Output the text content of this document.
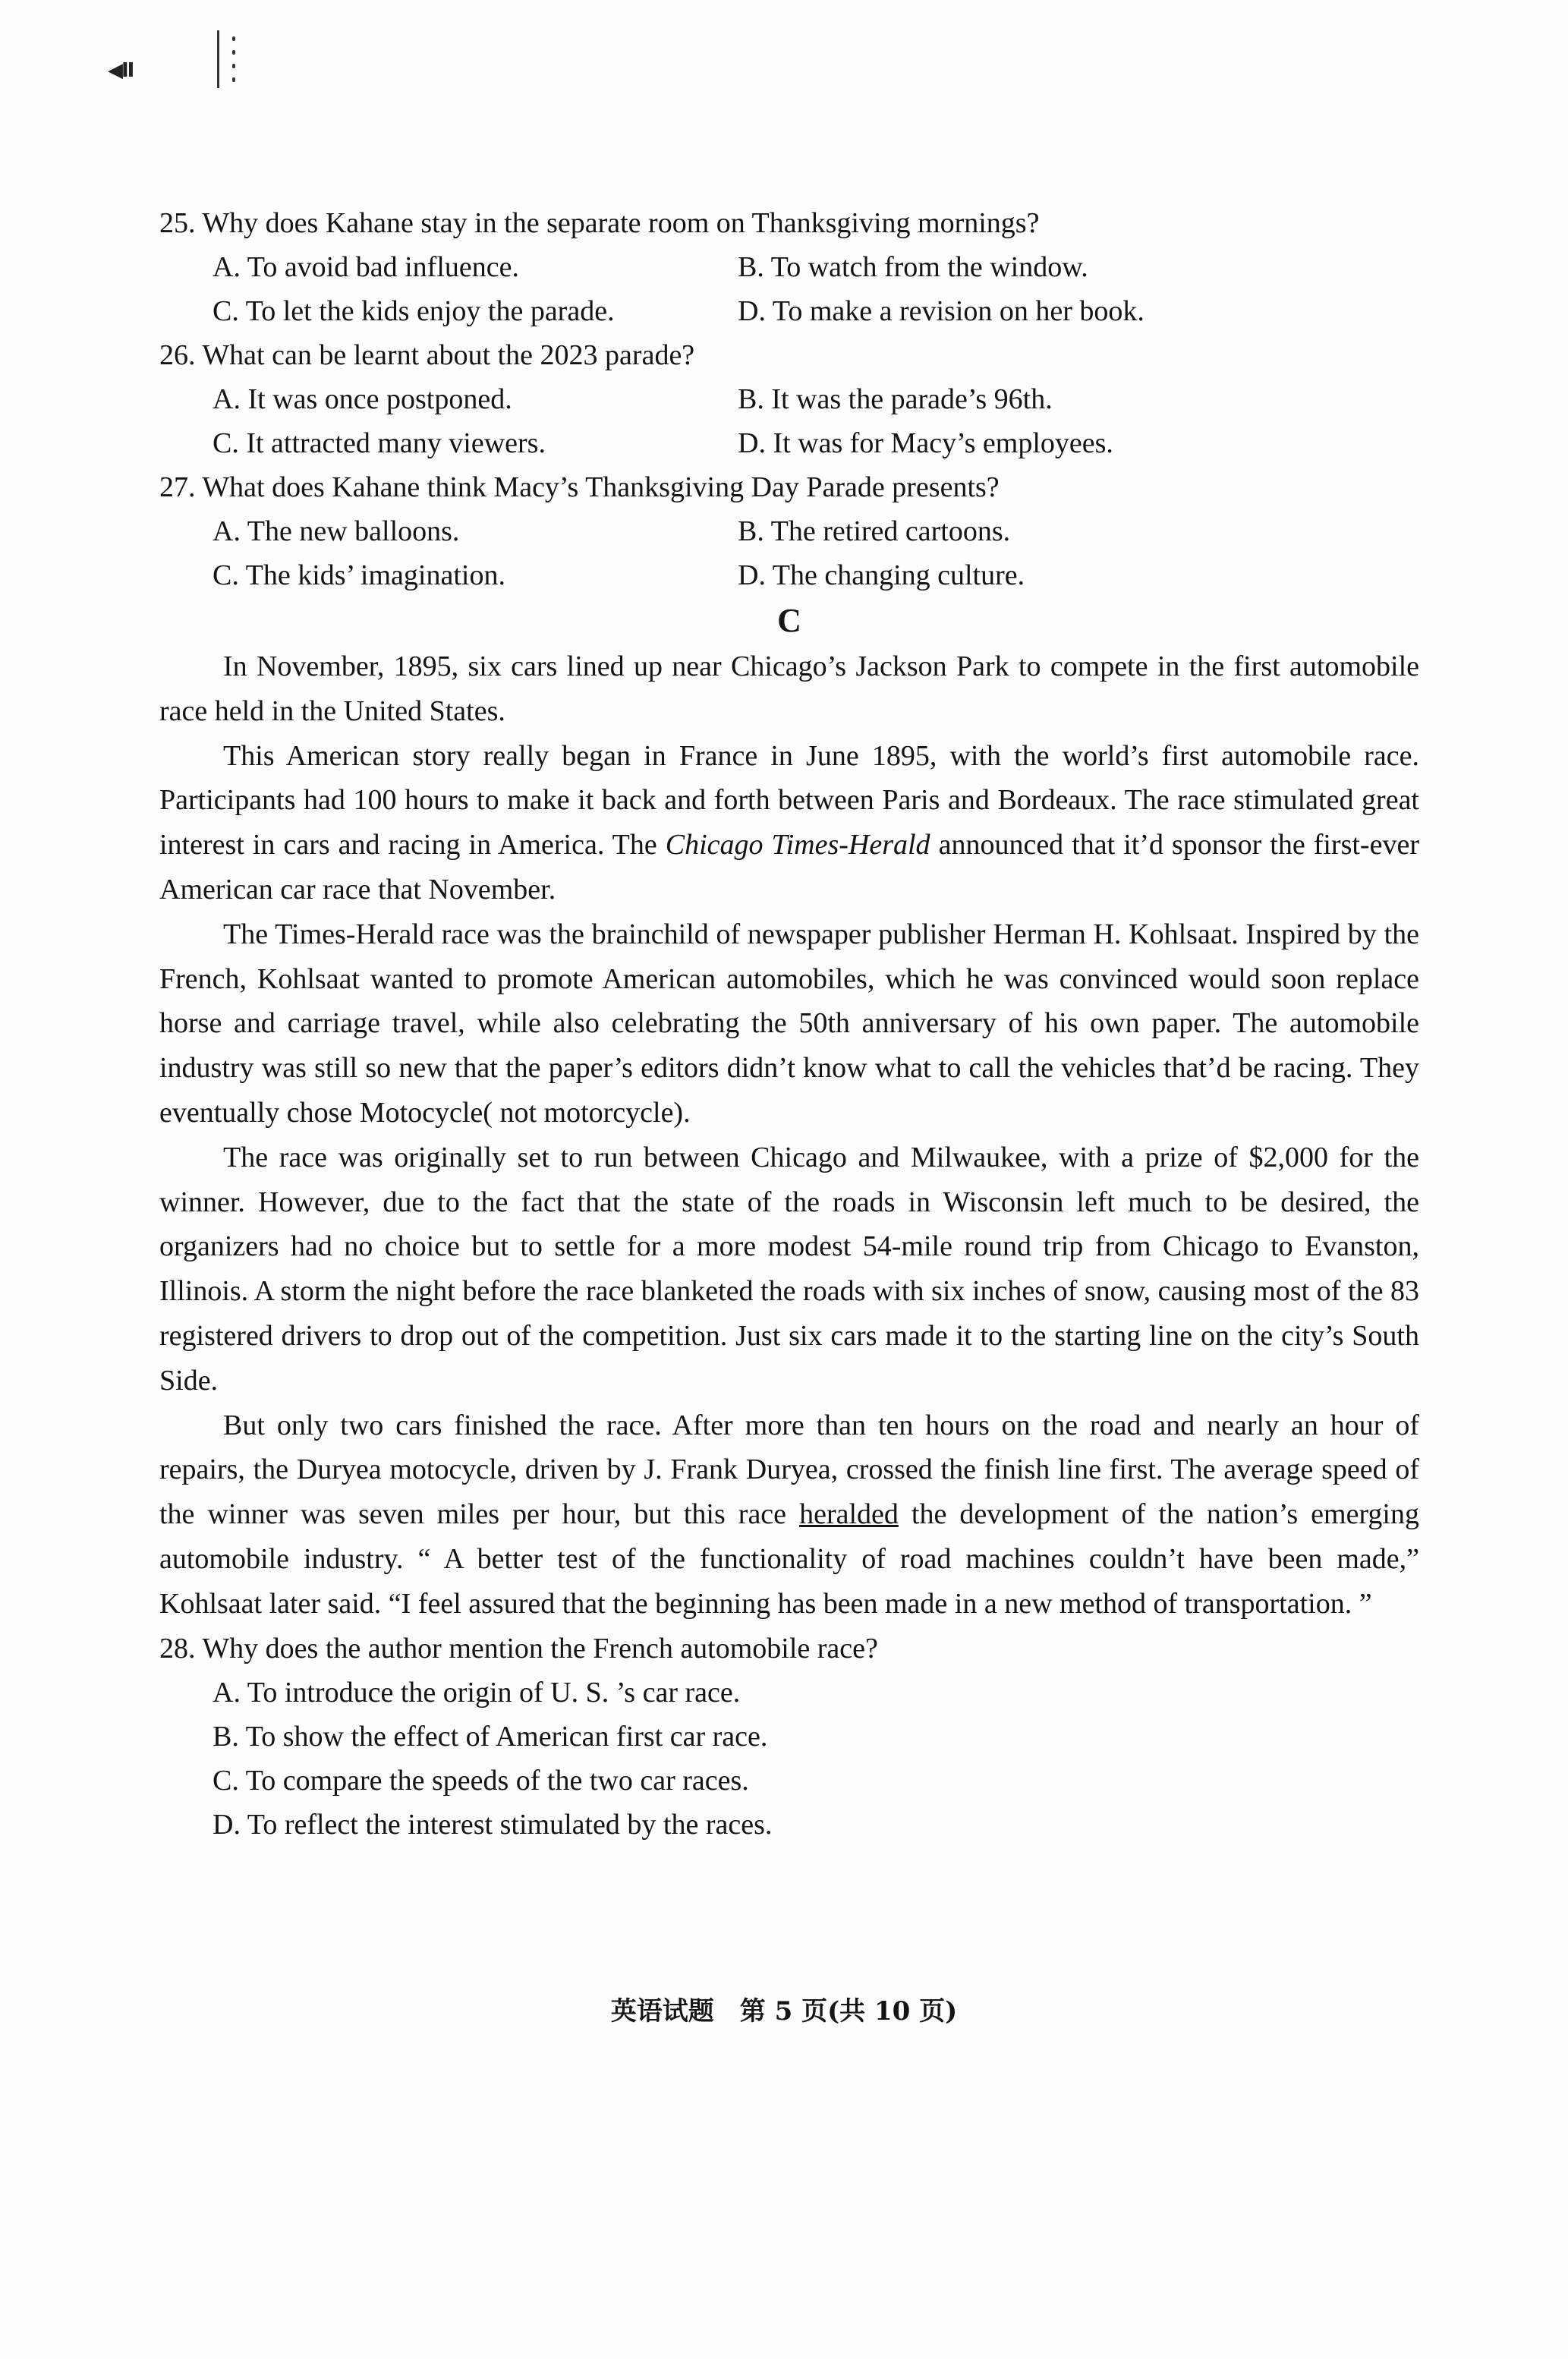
◀II
25. Why does Kahane stay in the separate room on Thanksgiving mornings?
A. To avoid bad influence.	B. To watch from the window.
C. To let the kids enjoy the parade.	D. To make a revision on her book.
26. What can be learnt about the 2023 parade?
A. It was once postponed.	B. It was the parade’s 96th.
C. It attracted many viewers.	D. It was for Macy’s employees.
27. What does Kahane think Macy’s Thanksgiving Day Parade presents?
A. The new balloons.	B. The retired cartoons.
C. The kids’ imagination.	D. The changing culture.
C

In November, 1895, six cars lined up near Chicago’s Jackson Park to compete in the first automobile race held in the United States.

This American story really began in France in June 1895, with the world’s first automobile race. Participants had 100 hours to make it back and forth between Paris and Bordeaux. The race stimulated great interest in cars and racing in America. The Chicago Times-Herald announced that it’d sponsor the first-ever American car race that November.

The Times-Herald race was the brainchild of newspaper publisher Herman H. Kohlsaat. Inspired by the French, Kohlsaat wanted to promote American automobiles, which he was convinced would soon replace horse and carriage travel, while also celebrating the 50th anniversary of his own paper. The automobile industry was still so new that the paper’s editors didn’t know what to call the vehicles that’d be racing. They eventually chose Motocycle( not motorcycle).

The race was originally set to run between Chicago and Milwaukee, with a prize of $2,000 for the winner. However, due to the fact that the state of the roads in Wisconsin left much to be desired, the organizers had no choice but to settle for a more modest 54-mile round trip from Chicago to Evanston, Illinois. A storm the night before the race blanketed the roads with six inches of snow, causing most of the 83 registered drivers to drop out of the competition. Just six cars made it to the starting line on the city’s South Side.

But only two cars finished the race. After more than ten hours on the road and nearly an hour of repairs, the Duryea motocycle, driven by J. Frank Duryea, crossed the finish line first. The average speed of the winner was seven miles per hour, but this race heralded the development of the nation’s emerging automobile industry. “ A better test of the functionality of road machines couldn’t have been made,” Kohlsaat later said. “I feel assured that the beginning has been made in a new method of transportation. ”

28. Why does the author mention the French automobile race?
A. To introduce the origin of U. S. ’s car race.
B. To show the effect of American first car race.
C. To compare the speeds of the two car races.
D. To reflect the interest stimulated by the races.
英语试题　第 5 页(共 10 页)
